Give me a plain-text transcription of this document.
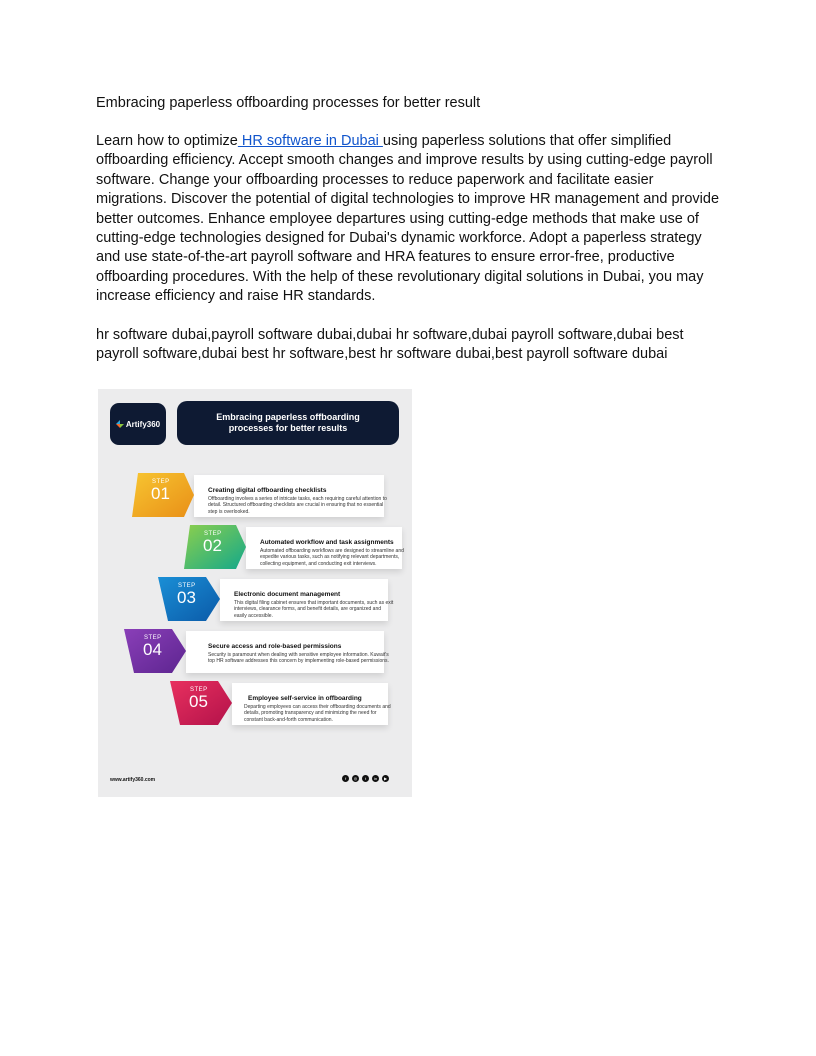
Embracing paperless offboarding processes for better result

Learn how to optimize HR software in Dubai using paperless solutions that offer simplified offboarding efficiency. Accept smooth changes and improve results by using cutting-edge payroll software. Change your offboarding processes to reduce paperwork and facilitate easier migrations. Discover the potential of digital technologies to improve HR management and provide better outcomes. Enhance employee departures using cutting-edge methods that make use of cutting-edge technologies designed for Dubai's dynamic workforce. Adopt a paperless strategy and use state-of-the-art payroll software and HRA features to ensure error-free, productive offboarding procedures. With the help of these revolutionary digital solutions in Dubai, you may increase efficiency and raise HR standards.

hr software dubai,payroll software dubai,dubai hr software,dubai payroll software,dubai best payroll software,dubai best hr software,best hr software dubai,best payroll software dubai

Artify360
Embracing paperless offboarding processes for better results
STEP
01	Creating digital offboarding checklists
Offboarding involves a series of intricate tasks, each requiring careful attention to detail. Structured offboarding checklists are crucial in ensuring that no essential step is overlooked.
STEP
02	Automated workflow and task assignments
Automated offboarding workflows are designed to streamline and expedite various tasks, such as notifying relevant departments, collecting equipment, and conducting exit interviews.
STEP
03	Electronic document management
This digital filing cabinet ensures that important documents, such as exit interviews, clearance forms, and benefit details, are organized and easily accessible.
STEP
04	Secure access and role-based permissions
Security is paramount when dealing with sensitive employee information. Kuwait's top HR software addresses this concern by implementing role-based permissions.
STEP
05	Employee self-service in offboarding
Departing employees can access their offboarding documents and details, promoting transparency and minimizing the need for constant back-and-forth communication.
www.artify360.com	f	◎	t	in	▶
